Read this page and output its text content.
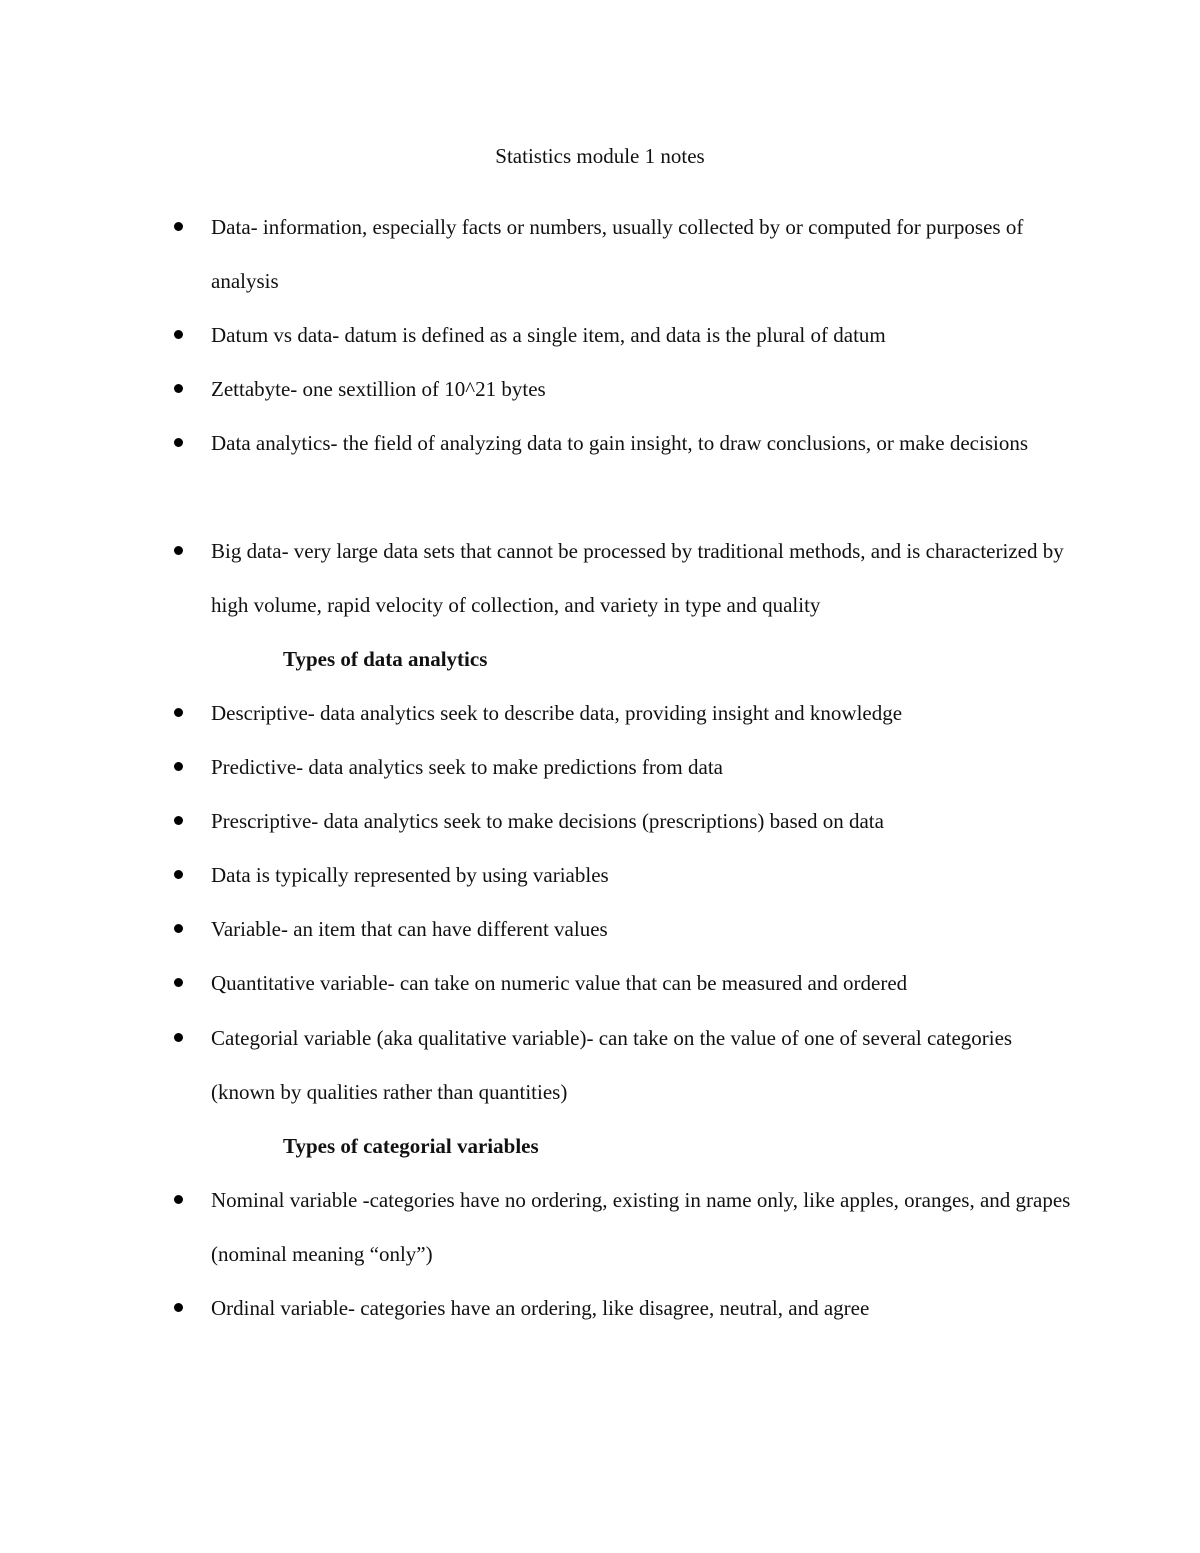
Statistics module 1 notes
Data- information, especially facts or numbers, usually collected by or computed for purposes of analysis
Datum vs data- datum is defined as a single item, and data is the plural of datum
Zettabyte- one sextillion of 10^21 bytes
Data analytics- the field of analyzing data to gain insight, to draw conclusions, or make decisions
Big data- very large data sets that cannot be processed by traditional methods, and is characterized by high volume, rapid velocity of collection, and variety in type and quality
Types of data analytics
Descriptive- data analytics seek to describe data, providing insight and knowledge
Predictive- data analytics seek to make predictions from data
Prescriptive- data analytics seek to make decisions (prescriptions) based on data
Data is typically represented by using variables
Variable- an item that can have different values
Quantitative variable- can take on numeric value that can be measured and ordered
Categorial variable (aka qualitative variable)- can take on the value of one of several categories (known by qualities rather than quantities)
Types of categorial variables
Nominal variable -categories have no ordering, existing in name only, like apples, oranges, and grapes (nominal meaning “only”)
Ordinal variable- categories have an ordering, like disagree, neutral, and agree
